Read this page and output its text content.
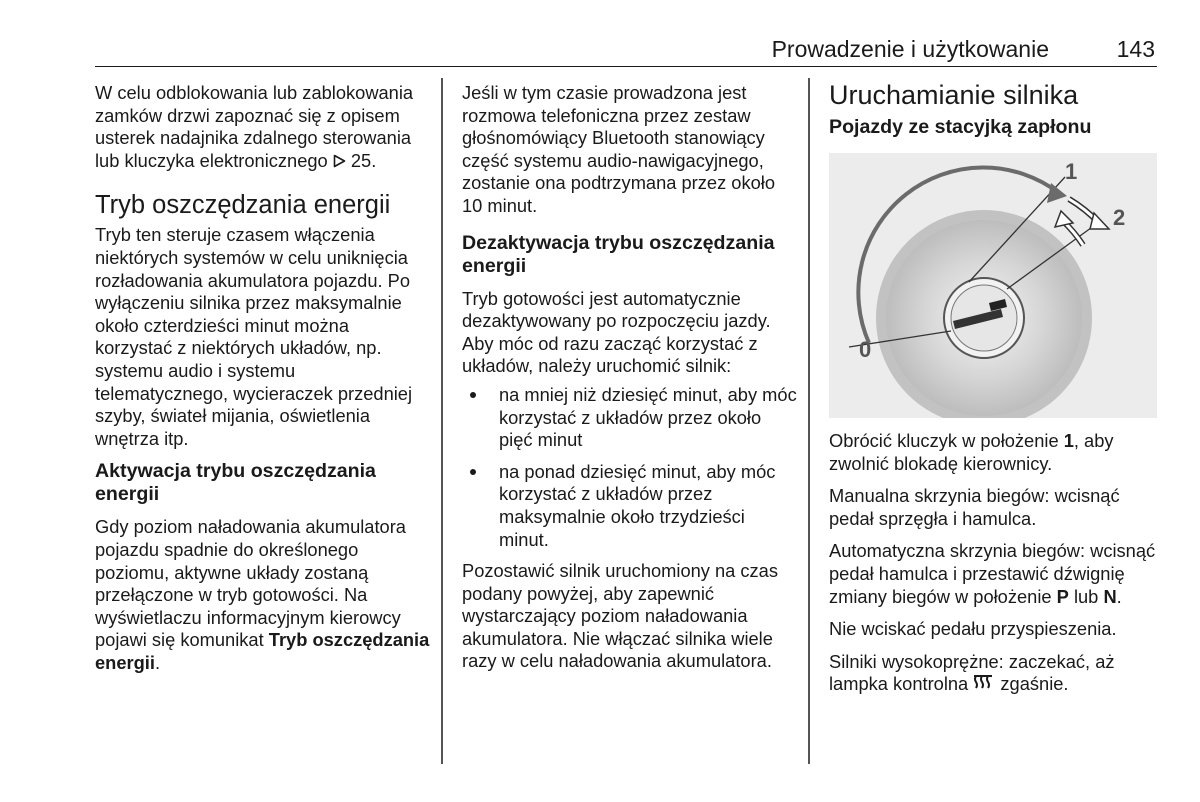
Prowadzenie i użytkowanie	143

W celu odblokowania lub zablokowania zamków drzwi zapoznać się z opisem usterek nadajnika zdalnego sterowania lub kluczyka elektronicznego 25.

Tryb oszczędzania energii

Tryb ten steruje czasem włączenia niektórych systemów w celu uniknięcia rozładowania akumulatora pojazdu. Po wyłączeniu silnika przez maksymalnie około czterdzieści minut można korzystać z niektórych układów, np. systemu audio i systemu telematycznego, wycieraczek przedniej szyby, świateł mijania, oświetlenia wnętrza itp.

Aktywacja trybu oszczędzania energii

Gdy poziom naładowania akumulatora pojazdu spadnie do określonego poziomu, aktywne układy zostaną przełączone w tryb gotowości. Na wyświetlaczu informacyjnym kierowcy pojawi się komunikat Tryb oszczędzania energii.

Jeśli w tym czasie prowadzona jest rozmowa telefoniczna przez zestaw głośnomówiący Bluetooth stanowiący część systemu audio-nawigacyjnego, zostanie ona podtrzymana przez około 10 minut.

Dezaktywacja trybu oszczędzania energii

Tryb gotowości jest automatycznie dezaktywowany po rozpoczęciu jazdy. Aby móc od razu zacząć korzystać z układów, należy uruchomić silnik:

na mniej niż dziesięć minut, aby móc korzystać z układów przez około pięć minut
na ponad dziesięć minut, aby móc korzystać z układów przez maksymalnie około trzydzieści minut.

Pozostawić silnik uruchomiony na czas podany powyżej, aby zapewnić wystarczający poziom naładowania akumulatora. Nie włączać silnika wiele razy w celu naładowania akumulatora.

Uruchamianie silnika
Pojazdy ze stacyjką zapłonu
0
1
2

Obrócić kluczyk w położenie 1, aby zwolnić blokadę kierownicy.

Manualna skrzynia biegów: wcisnąć pedał sprzęgła i hamulca.

Automatyczna skrzynia biegów: wcisnąć pedał hamulca i przestawić dźwignię zmiany biegów w położenie P lub N.

Nie wciskać pedału przyspieszenia.

Silniki wysokoprężne: zaczekać, aż lampka kontrolna zgaśnie.
